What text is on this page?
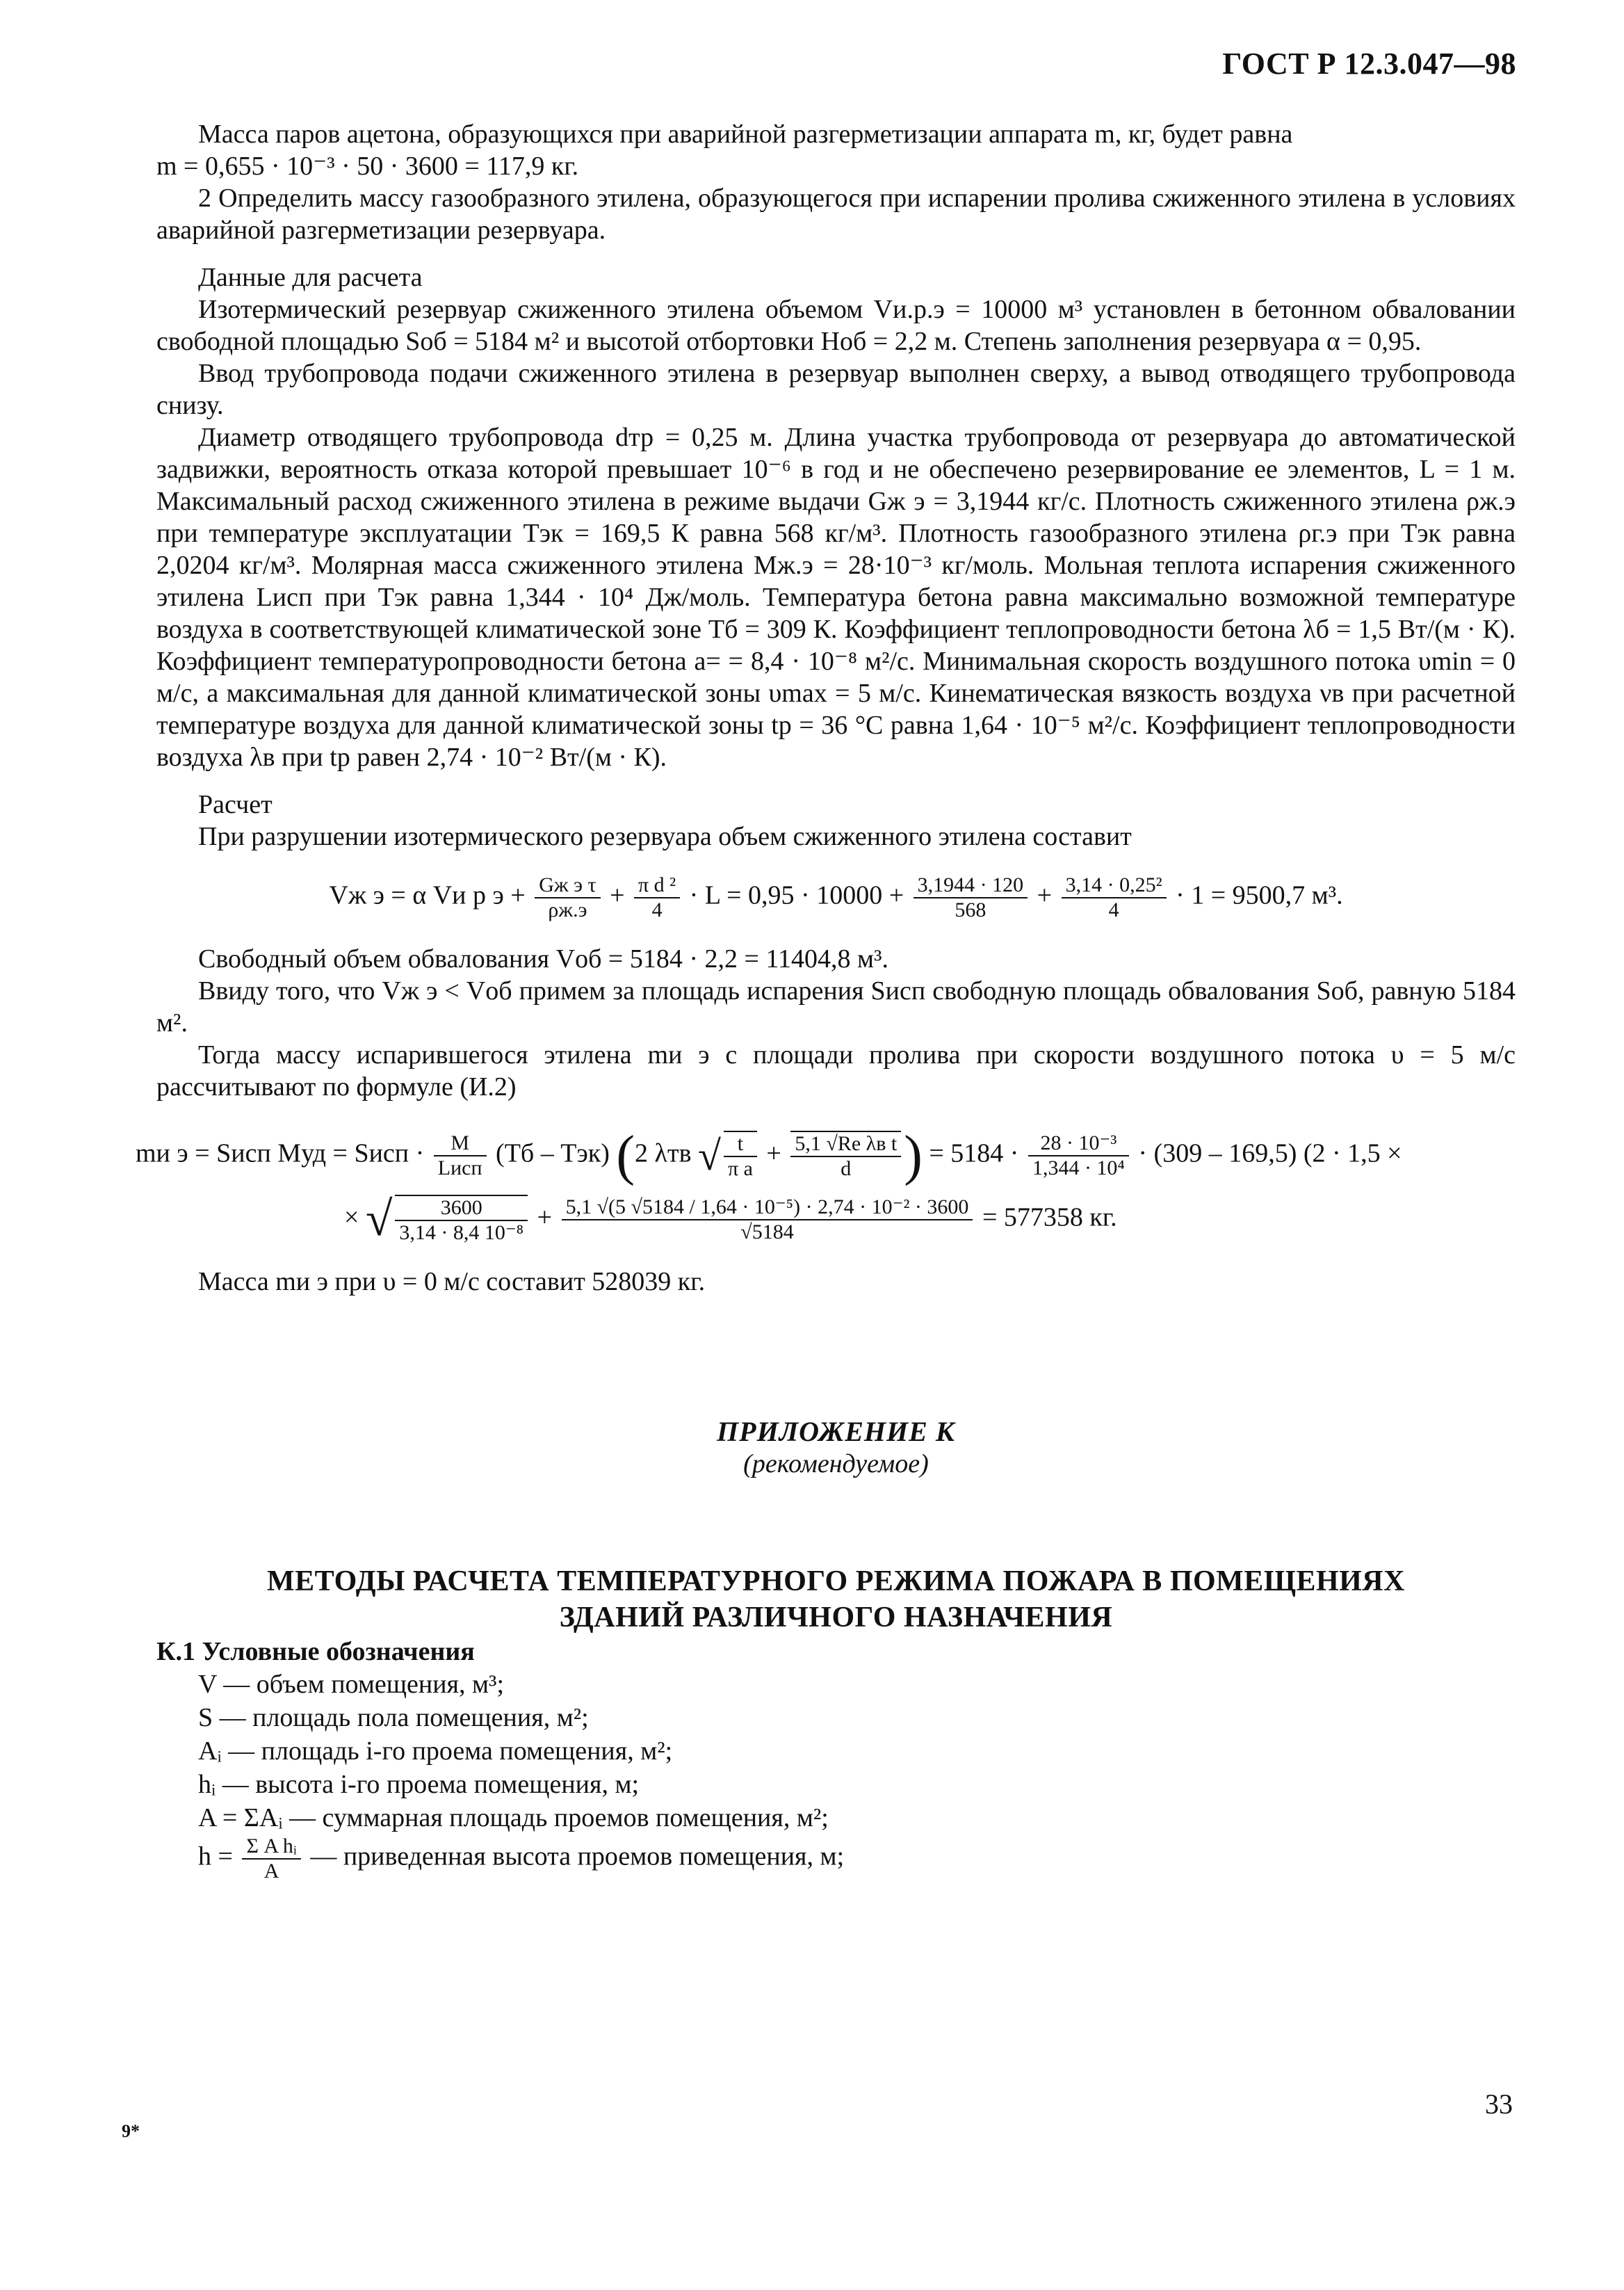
ГОСТ Р 12.3.047—98

Масса паров ацетона, образующихся при аварийной разгерметизации аппарата m, кг, будет равна

m = 0,655 · 10⁻³ · 50 · 3600 = 117,9 кг.

2 Определить массу газообразного этилена, образующегося при испарении пролива сжиженного этилена в условиях аварийной разгерметизации резервуара.

Данные для расчета

Изотермический резервуар сжиженного этилена объемом Vи.р.э = 10000 м³ установлен в бетонном обваловании свободной площадью Sоб = 5184 м² и высотой отбортовки Hоб = 2,2 м. Степень заполнения резервуара α = 0,95.

Ввод трубопровода подачи сжиженного этилена в резервуар выполнен сверху, а вывод отводящего трубопровода снизу.

Диаметр отводящего трубопровода dтр = 0,25 м. Длина участка трубопровода от резервуара до автоматической задвижки, вероятность отказа которой превышает 10⁻⁶ в год и не обеспечено резервирование ее элементов, L = 1 м. Максимальный расход сжиженного этилена в режиме выдачи Gж э = 3,1944 кг/с. Плотность сжиженного этилена ρж.э при температуре эксплуатации Tэк = 169,5 К равна 568 кг/м³. Плотность газообразного этилена ρг.э при Tэк равна 2,0204 кг/м³. Молярная масса сжиженного этилена Mж.э = 28·10⁻³ кг/моль. Мольная теплота испарения сжиженного этилена Lисп при Tэк равна 1,344 · 10⁴ Дж/моль. Температура бетона равна максимально возможной температуре воздуха в соответствующей климатической зоне Tб = 309 К. Коэффициент теплопроводности бетона λб = 1,5 Вт/(м · К). Коэффициент температуропроводности бетона a= = 8,4 · 10⁻⁸ м²/с. Минимальная скорость воздушного потока υmin = 0 м/с, а максимальная для данной климатической зоны υmax = 5 м/с. Кинематическая вязкость воздуха νв при расчетной температуре воздуха для данной климатической зоны tр = 36 °С равна 1,64 · 10⁻⁵ м²/с. Коэффициент теплопроводности воздуха λв при tр равен 2,74 · 10⁻² Вт/(м · К).

Расчет

При разрушении изотермического резервуара объем сжиженного этилена составит

Vж э = α Vи р $э + \frac{\text{Gж э τ}}{\rho ж.э} + \frac{\text{π d ²}}{4} \cdot L = 0,95 \cdot 10000 + \frac{3,1944 \cdot 120}{568} + \frac{\text{3,14 · 0,25²}}{4} \cdot 1 = 9500,7$ м³.

Свободный объем обвалования Vоб = 5184 · 2,2 = 11404,8 м³.

Ввиду того, что Vж э < Vоб примем за площадь испарения Sисп свободную площадь обвалования Sоб, равную 5184 м².

Тогда массу испарившегося этилена mи э с площади пролива при скорости воздушного потока υ = 5 м/с рассчитывают по формуле (И.2)

mи э = Sисп Mуд = Sисп · $\frac{M}{\text{Lисп}} (Tб - Tэк)$ (2 λтв √ $\frac{t}{\text{π a}} + \frac{\text{5,1 √Re λв t}}{d}$ ) = $5184 \cdot \frac{\text{28 · 10⁻³}}{\text{1,344 · 10⁴}} \cdot (309 - 169,5) (2 \cdot 1,5$ ×
× √ $\frac{3600}{\text{3,14 · 8,4 10⁻⁸}} + \frac{\text{5,1 √(5 √5184 / 1,64 · 10⁻⁵) · 2,74 · 10⁻² · 3600}}{√5184} = 577358$ кг.

Масса mи э при υ = 0 м/с составит 528039 кг.

ПРИЛОЖЕНИЕ К
(рекомендуемое)
МЕТОДЫ РАСЧЕТА ТЕМПЕРАТУРНОГО РЕЖИМА ПОЖАРА В ПОМЕЩЕНИЯХ
ЗДАНИЙ РАЗЛИЧНОГО НАЗНАЧЕНИЯ

К.1 Условные обозначения

V — объем помещения, м³;
S — площадь пола помещения, м²;
Aᵢ — площадь i-го проема помещения, м²;
hᵢ — высота i-го проема помещения, м;
A = ΣAᵢ — суммарная площадь проемов помещения, м²;
$h = \frac{\text{Σ A hᵢ}}{A}$ — приведенная высота проемов помещения, м;
33
9*
